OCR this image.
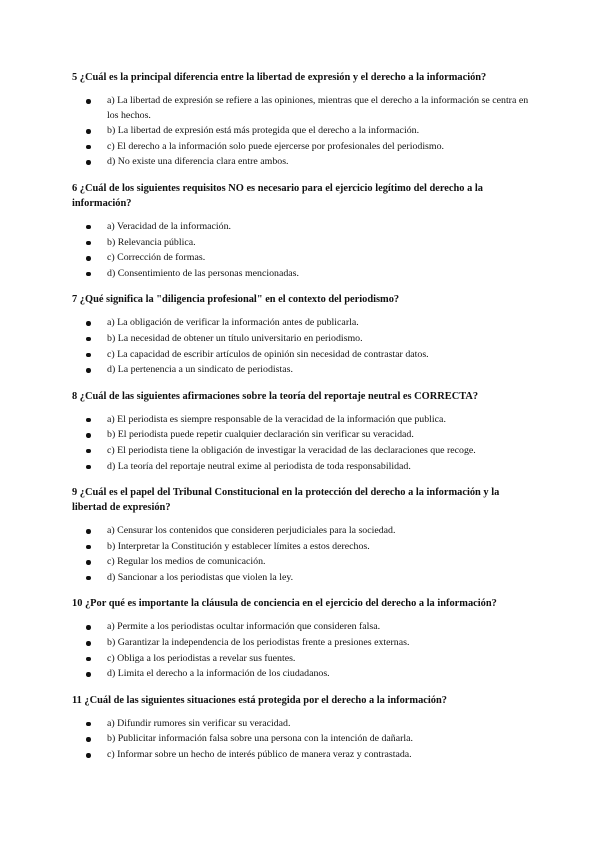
5 ¿Cuál es la principal diferencia entre la libertad de expresión y el derecho a la información?
a) La libertad de expresión se refiere a las opiniones, mientras que el derecho a la información se centra en los hechos.
b) La libertad de expresión está más protegida que el derecho a la información.
c) El derecho a la información solo puede ejercerse por profesionales del periodismo.
d) No existe una diferencia clara entre ambos.
6 ¿Cuál de los siguientes requisitos NO es necesario para el ejercicio legítimo del derecho a la información?
a) Veracidad de la información.
b) Relevancia pública.
c) Corrección de formas.
d) Consentimiento de las personas mencionadas.
7 ¿Qué significa la "diligencia profesional" en el contexto del periodismo?
a) La obligación de verificar la información antes de publicarla.
b) La necesidad de obtener un título universitario en periodismo.
c) La capacidad de escribir artículos de opinión sin necesidad de contrastar datos.
d) La pertenencia a un sindicato de periodistas.
8 ¿Cuál de las siguientes afirmaciones sobre la teoría del reportaje neutral es CORRECTA?
a) El periodista es siempre responsable de la veracidad de la información que publica.
b) El periodista puede repetir cualquier declaración sin verificar su veracidad.
c) El periodista tiene la obligación de investigar la veracidad de las declaraciones que recoge.
d) La teoría del reportaje neutral exime al periodista de toda responsabilidad.
9 ¿Cuál es el papel del Tribunal Constitucional en la protección del derecho a la información y la libertad de expresión?
a) Censurar los contenidos que consideren perjudiciales para la sociedad.
b) Interpretar la Constitución y establecer límites a estos derechos.
c) Regular los medios de comunicación.
d) Sancionar a los periodistas que violen la ley.
10 ¿Por qué es importante la cláusula de conciencia en el ejercicio del derecho a la información?
a) Permite a los periodistas ocultar información que consideren falsa.
b) Garantizar la independencia de los periodistas frente a presiones externas.
c) Obliga a los periodistas a revelar sus fuentes.
d) Limita el derecho a la información de los ciudadanos.
11 ¿Cuál de las siguientes situaciones está protegida por el derecho a la información?
a) Difundir rumores sin verificar su veracidad.
b) Publicitar información falsa sobre una persona con la intención de dañarla.
c) Informar sobre un hecho de interés público de manera veraz y contrastada.
